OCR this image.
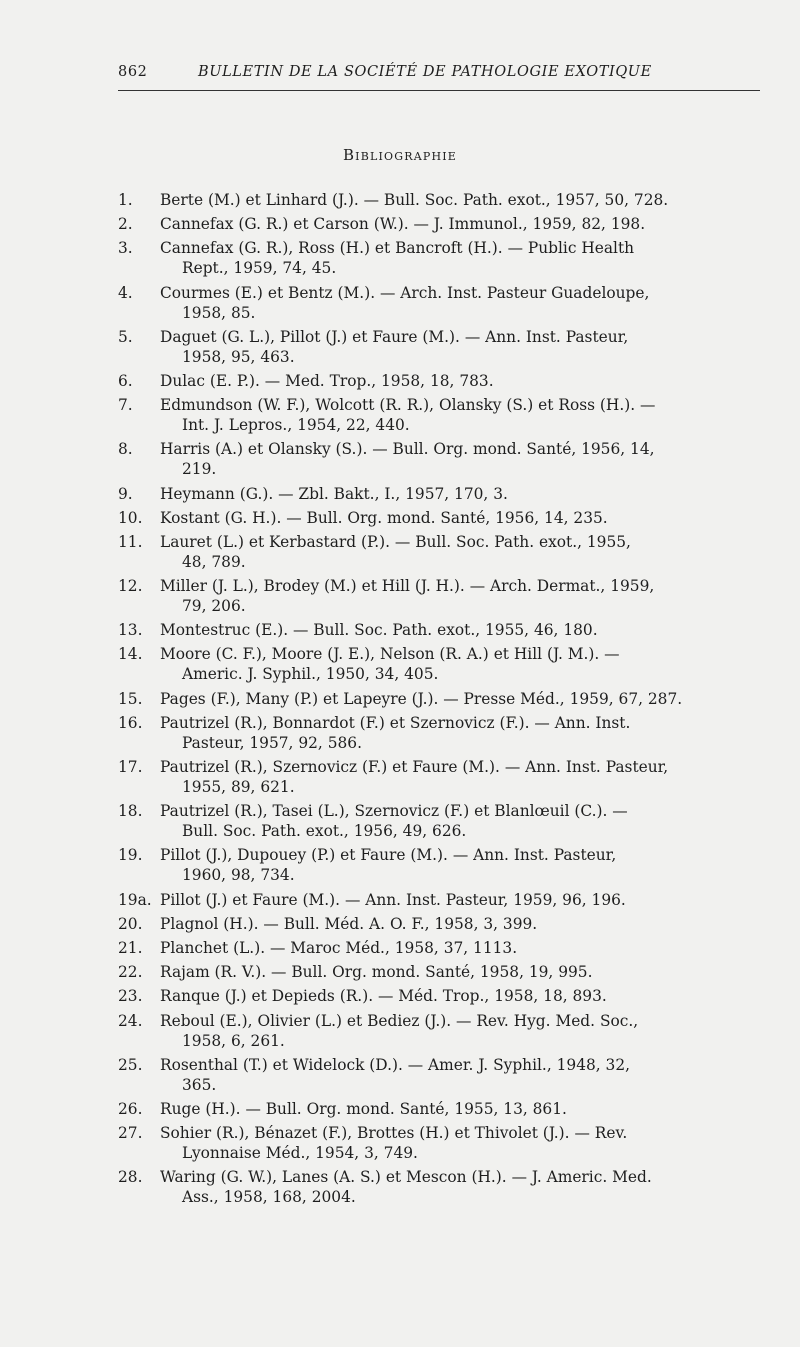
862	BULLETIN DE LA SOCIÉTÉ DE PATHOLOGIE EXOTIQUE
Bibliographie
1.	Berte (M.) et Linhard (J.). — Bull. Soc. Path. exot., 1957, 50, 728.
2.	Cannefax (G. R.) et Carson (W.). — J. Immunol., 1959, 82, 198.
3.	Cannefax (G. R.), Ross (H.) et Bancroft (H.). — Public Health
Rept., 1959, 74, 45.
4.	Courmes (E.) et Bentz (M.). — Arch. Inst. Pasteur Guadeloupe,
1958, 85.
5.	Daguet (G. L.), Pillot (J.) et Faure (M.). — Ann. Inst. Pasteur,
1958, 95, 463.
6.	Dulac (E. P.). — Med. Trop., 1958, 18, 783.
7.	Edmundson (W. F.), Wolcott (R. R.), Olansky (S.) et Ross (H.). —
Int. J. Lepros., 1954, 22, 440.
8.	Harris (A.) et Olansky (S.). — Bull. Org. mond. Santé, 1956, 14,
219.
9.	Heymann (G.). — Zbl. Bakt., I., 1957, 170, 3.
10.	Kostant (G. H.). — Bull. Org. mond. Santé, 1956, 14, 235.
11.	Lauret (L.) et Kerbastard (P.). — Bull. Soc. Path. exot., 1955,
48, 789.
12.	Miller (J. L.), Brodey (M.) et Hill (J. H.). — Arch. Dermat., 1959,
79, 206.
13.	Montestruc (E.). — Bull. Soc. Path. exot., 1955, 46, 180.
14.	Moore (C. F.), Moore (J. E.), Nelson (R. A.) et Hill (J. M.). —
Americ. J. Syphil., 1950, 34, 405.
15.	Pages (F.), Many (P.) et Lapeyre (J.). — Presse Méd., 1959, 67, 287.
16.	Pautrizel (R.), Bonnardot (F.) et Szernovicz (F.). — Ann. Inst.
Pasteur, 1957, 92, 586.
17.	Pautrizel (R.), Szernovicz (F.) et Faure (M.). — Ann. Inst. Pasteur,
1955, 89, 621.
18.	Pautrizel (R.), Tasei (L.), Szernovicz (F.) et Blanlœuil (C.). —
Bull. Soc. Path. exot., 1956, 49, 626.
19.	Pillot (J.), Dupouey (P.) et Faure (M.). — Ann. Inst. Pasteur,
1960, 98, 734.
19a. Pillot (J.) et Faure (M.). — Ann. Inst. Pasteur, 1959, 96, 196.
20.	Plagnol (H.). — Bull. Méd. A. O. F., 1958, 3, 399.
21.	Planchet (L.). — Maroc Méd., 1958, 37, 1113.
22.	Rajam (R. V.). — Bull. Org. mond. Santé, 1958, 19, 995.
23.	Ranque (J.) et Depieds (R.). — Méd. Trop., 1958, 18, 893.
24.	Reboul (E.), Olivier (L.) et Bediez (J.). — Rev. Hyg. Med. Soc.,
1958, 6, 261.
25.	Rosenthal (T.) et Widelock (D.). — Amer. J. Syphil., 1948, 32,
365.
26.	Ruge (H.). — Bull. Org. mond. Santé, 1955, 13, 861.
27.	Sohier (R.), Bénazet (F.), Brottes (H.) et Thivolet (J.). — Rev.
Lyonnaise Méd., 1954, 3, 749.
28.	Waring (G. W.), Lanes (A. S.) et Mescon (H.). — J. Americ. Med.
Ass., 1958, 168, 2004.
